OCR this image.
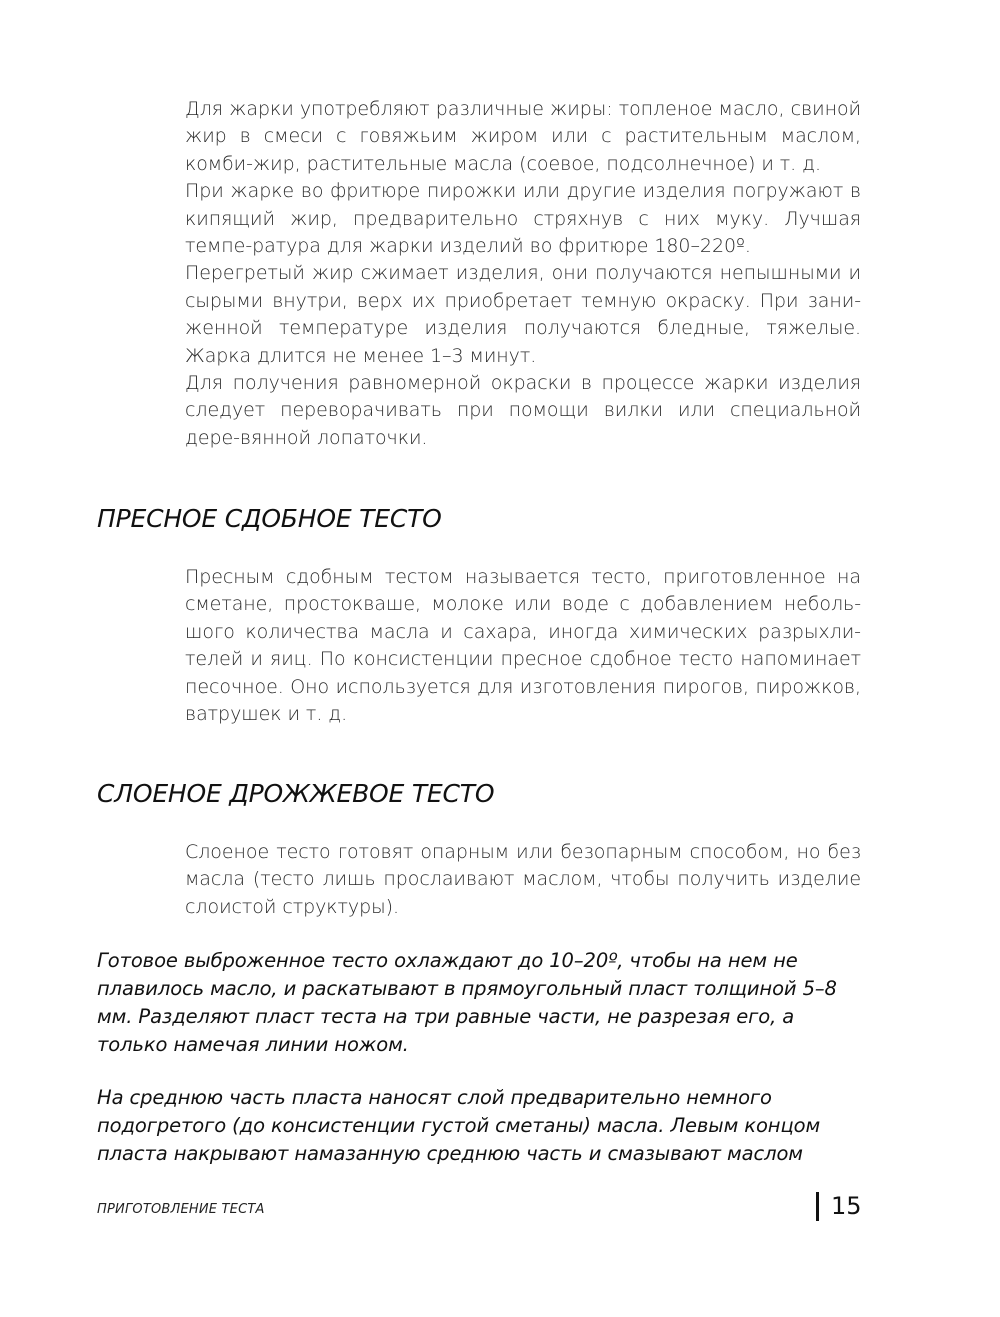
Для жарки употребляют различные жиры: топленое масло, свиной жир в смеси с говяжьим жиром или с растительным маслом, комби-жир, растительные масла (соевое, подсолнечное) и т. д.

При жарке во фритюре пирожки или другие изделия погружают в кипящий жир, предварительно стряхнув с них муку. Лучшая темпе-ратура для жарки изделий во фритюре 180–220º.

Перегретый жир сжимает изделия, они получаются непышными и сырыми внутри, верх их приобретает темную окраску. При зани-женной температуре изделия получаются бледные, тяжелые. Жарка длится не менее 1–3 минут.

Для получения равномерной окраски в процессе жарки изделия следует переворачивать при помощи вилки или специальной дере-вянной лопаточки.

ПРЕСНОЕ СДОБНОЕ ТЕСТО

Пресным сдобным тестом называется тесто, приготовленное на сметане, простокваше, молоке или воде с добавлением неболь-шого количества масла и сахара, иногда химических разрыхли-телей и яиц. По консистенции пресное сдобное тесто напоминает песочное. Оно используется для изготовления пирогов, пирожков, ватрушек и т. д.

СЛОЕНОЕ ДРОЖЖЕВОЕ ТЕСТО

Слоеное тесто готовят опарным или безопарным способом, но без масла (тесто лишь прослаивают маслом, чтобы получить изделие слоистой структуры).

Готовое выброженное тесто охлаждают до 10–20º, чтобы на нем не плавилось масло, и раскатывают в прямоугольный пласт толщиной 5–8 мм. Разделяют пласт теста на три равные части, не разрезая его, а только намечая линии ножом.

На среднюю часть пласта наносят слой предварительно немного подогретого (до консистенции густой сметаны) масла. Левым концом пласта накрывают намазанную среднюю часть и смазывают маслом

ПРИГОТОВЛЕНИЕ ТЕСТА	15
